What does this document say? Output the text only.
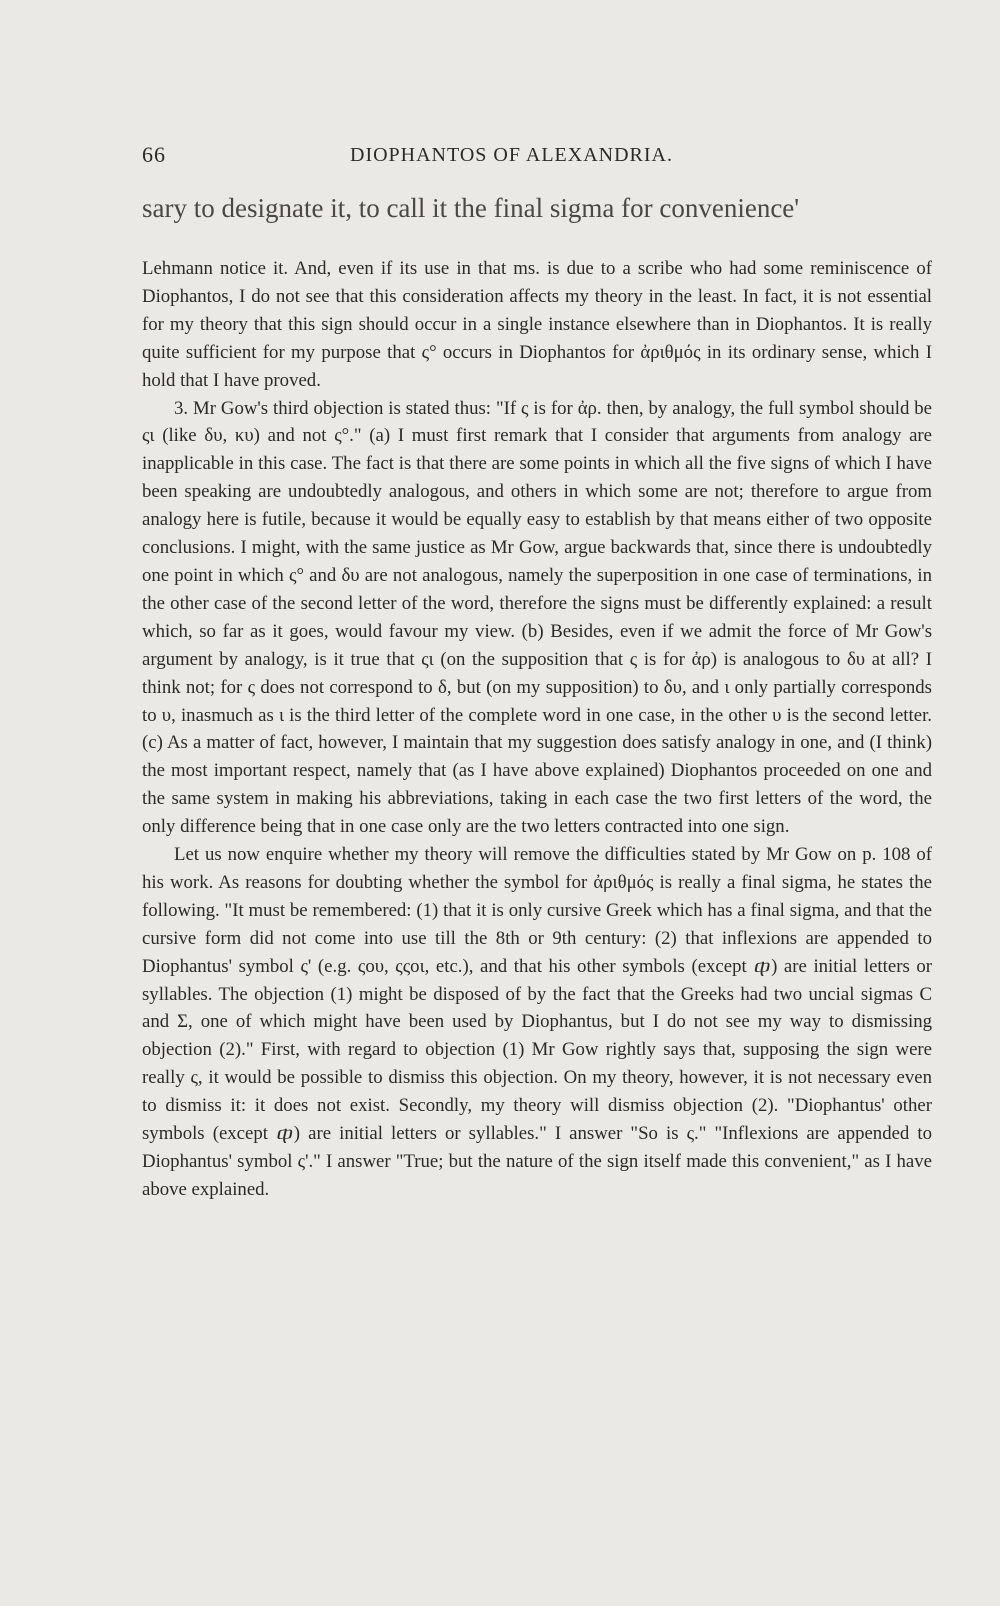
66	DIOPHANTOS OF ALEXANDRIA.
sary to designate it, to call it the final sigma for convenience'

Lehmann notice it. And, even if its use in that ms. is due to a scribe who had some reminiscence of Diophantos, I do not see that this consideration affects my theory in the least. In fact, it is not essential for my theory that this sign should occur in a single instance elsewhere than in Diophantos. It is really quite sufficient for my purpose that ς° occurs in Diophantos for ἀριθμός in its ordinary sense, which I hold that I have proved.

3. Mr Gow's third objection is stated thus: "If ς is for ἀρ. then, by analogy, the full symbol should be ςι (like δυ, κυ) and not ς°." (a) I must first remark that I consider that arguments from analogy are inapplicable in this case. The fact is that there are some points in which all the five signs of which I have been speaking are undoubtedly analogous, and others in which some are not; therefore to argue from analogy here is futile, because it would be equally easy to establish by that means either of two opposite conclusions. I might, with the same justice as Mr Gow, argue backwards that, since there is undoubtedly one point in which ς° and δυ are not analogous, namely the superposition in one case of terminations, in the other case of the second letter of the word, therefore the signs must be differently explained: a result which, so far as it goes, would favour my view. (b) Besides, even if we admit the force of Mr Gow's argument by analogy, is it true that ςι (on the supposition that ς is for ἀρ) is analogous to δυ at all? I think not; for ς does not correspond to δ, but (on my supposition) to δυ, and ι only partially corresponds to υ, inasmuch as ι is the third letter of the complete word in one case, in the other υ is the second letter. (c) As a matter of fact, however, I maintain that my suggestion does satisfy analogy in one, and (I think) the most important respect, namely that (as I have above explained) Diophantos proceeded on one and the same system in making his abbreviations, taking in each case the two first letters of the word, the only difference being that in one case only are the two letters contracted into one sign.

Let us now enquire whether my theory will remove the difficulties stated by Mr Gow on p. 108 of his work. As reasons for doubting whether the symbol for ἀριθμός is really a final sigma, he states the following. "It must be remembered: (1) that it is only cursive Greek which has a final sigma, and that the cursive form did not come into use till the 8th or 9th century: (2) that inflexions are appended to Diophantus' symbol ς' (e.g. ςου, ςςοι, etc.), and that his other symbols (except ⴔ) are initial letters or syllables. The objection (1) might be disposed of by the fact that the Greeks had two uncial sigmas C and Σ, one of which might have been used by Diophantus, but I do not see my way to dismissing objection (2)." First, with regard to objection (1) Mr Gow rightly says that, supposing the sign were really ς, it would be possible to dismiss this objection. On my theory, however, it is not necessary even to dismiss it: it does not exist. Secondly, my theory will dismiss objection (2). "Diophantus' other symbols (except ⴔ) are initial letters or syllables." I answer "So is ς." "Inflexions are appended to Diophantus' symbol ς'." I answer "True; but the nature of the sign itself made this convenient," as I have above explained.
